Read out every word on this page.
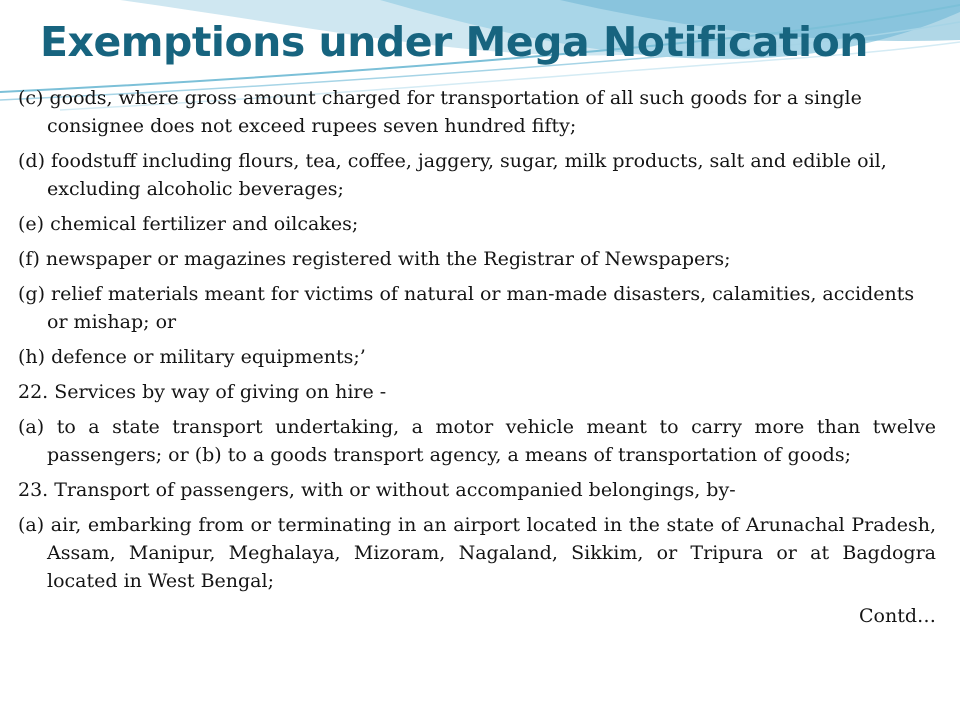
Exemptions under Mega Notification

(c) goods, where gross amount charged for transportation of all such goods for a single consignee does not exceed rupees seven hundred fifty;

(d) foodstuff including flours, tea, coffee, jaggery, sugar, milk products, salt and edible oil, excluding alcoholic beverages;

(e) chemical fertilizer and oilcakes;

(f) newspaper or magazines registered with the Registrar of Newspapers;

(g) relief materials meant for victims of natural or man-made disasters, calamities, accidents or mishap; or

(h) defence or military equipments;’

22. Services by way of giving on hire -

(a) to a state transport undertaking, a motor vehicle meant to carry more than twelve passengers; or (b) to a goods transport agency, a means of transportation of goods;

23. Transport of passengers, with or without accompanied belongings, by-

(a) air, embarking from or terminating in an airport located in the state of Arunachal Pradesh, Assam, Manipur, Meghalaya, Mizoram, Nagaland, Sikkim, or Tripura or at Bagdogra located in West Bengal;

Contd…
